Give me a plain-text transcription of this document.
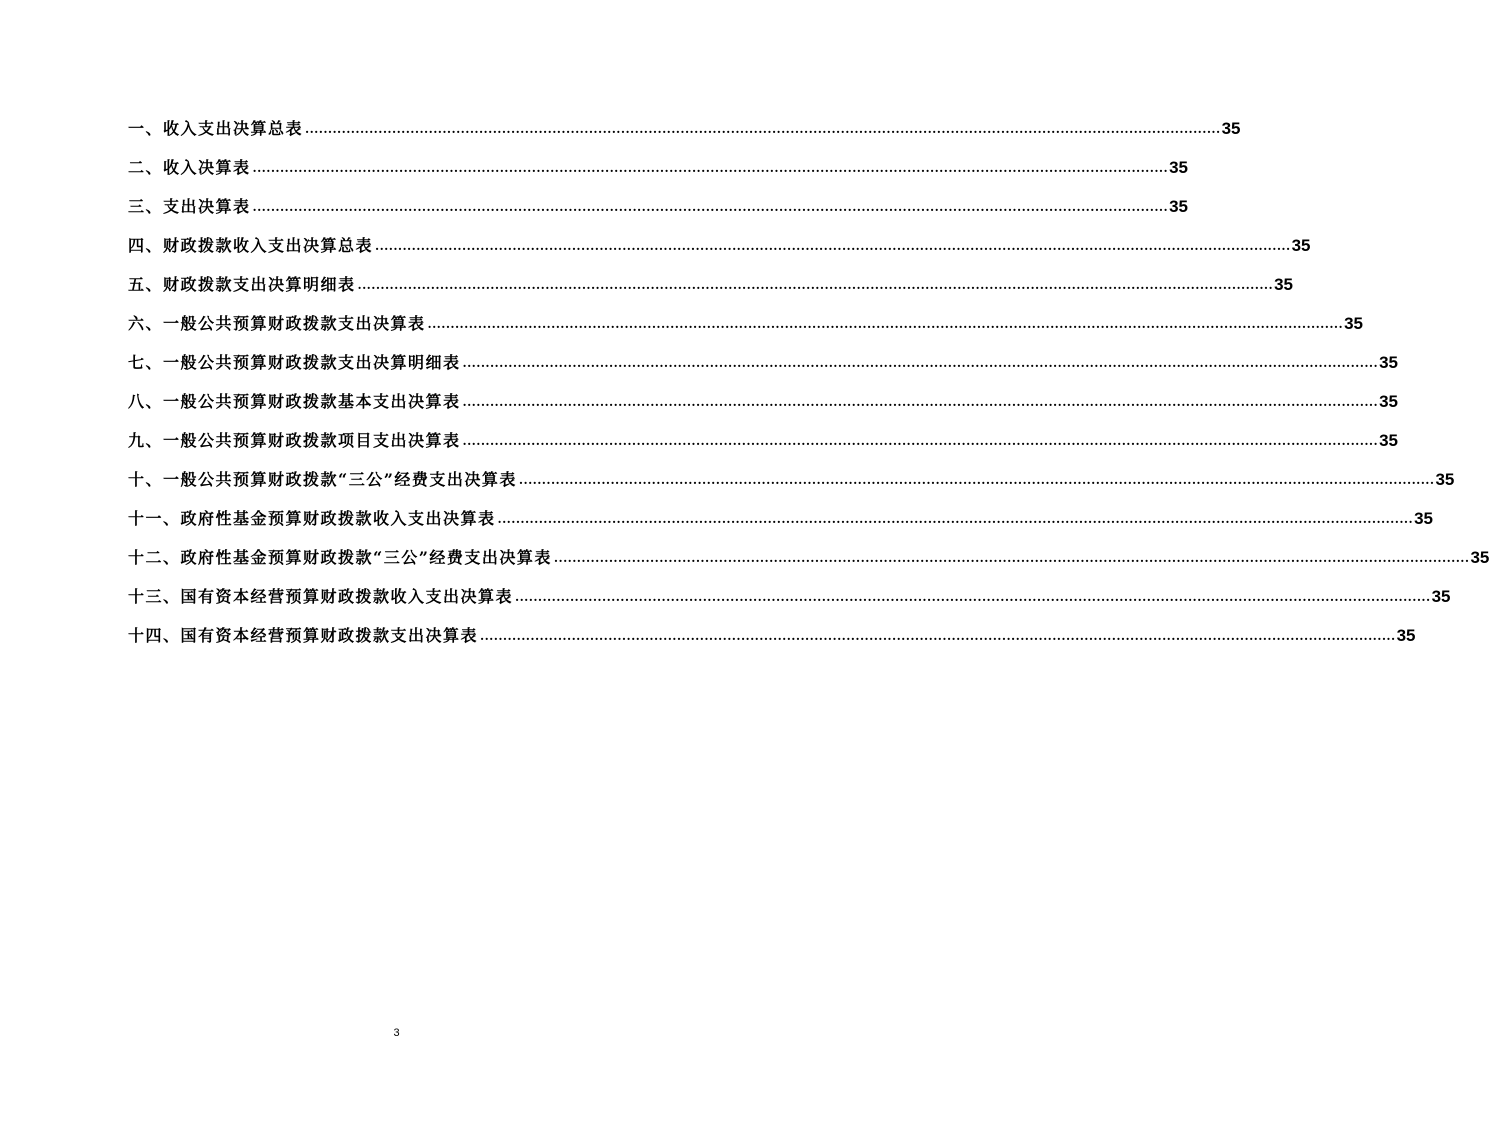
一、收入支出决算总表 ........................................................................................................................................................................................................ 35
二、收入决算表 ........................................................................................................................................................................................................ 35
三、支出决算表 ........................................................................................................................................................................................................ 35
四、财政拨款收入支出决算总表 ........................................................................................................................................................................................................ 35
五、财政拨款支出决算明细表 ........................................................................................................................................................................................................ 35
六、一般公共预算财政拨款支出决算表 ........................................................................................................................................................................................................ 35
七、一般公共预算财政拨款支出决算明细表 ........................................................................................................................................................................................................ 35
八、一般公共预算财政拨款基本支出决算表 ........................................................................................................................................................................................................ 35
九、一般公共预算财政拨款项目支出决算表 ........................................................................................................................................................................................................ 35
十、一般公共预算财政拨款“三公”经费支出决算表 ........................................................................................................................................................................................................ 35
十一、政府性基金预算财政拨款收入支出决算表 ........................................................................................................................................................................................................ 35
十二、政府性基金预算财政拨款“三公”经费支出决算表 ........................................................................................................................................................................................................ 35
十三、国有资本经营预算财政拨款收入支出决算表 ........................................................................................................................................................................................................ 35
十四、国有资本经营预算财政拨款支出决算表 ........................................................................................................................................................................................................ 35
3
